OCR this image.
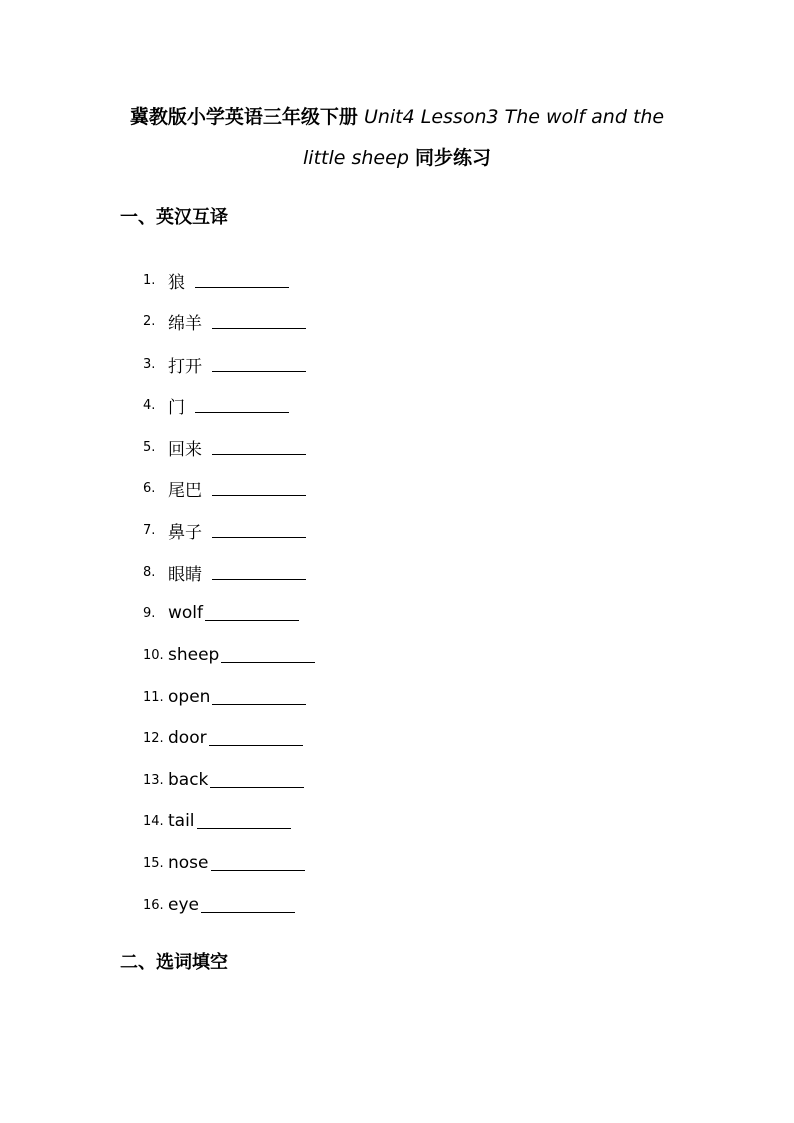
冀教版小学英语三年级下册 Unit4 Lesson3 The wolf and the
little sheep 同步练习
一、英汉互译
1. 狼
2. 绵羊
3. 打开
4. 门
5. 回来
6. 尾巴
7. 鼻子
8. 眼睛
9. wolf
10. sheep
11. open
12. door
13. back
14. tail
15. nose
16. eye
二、选词填空
